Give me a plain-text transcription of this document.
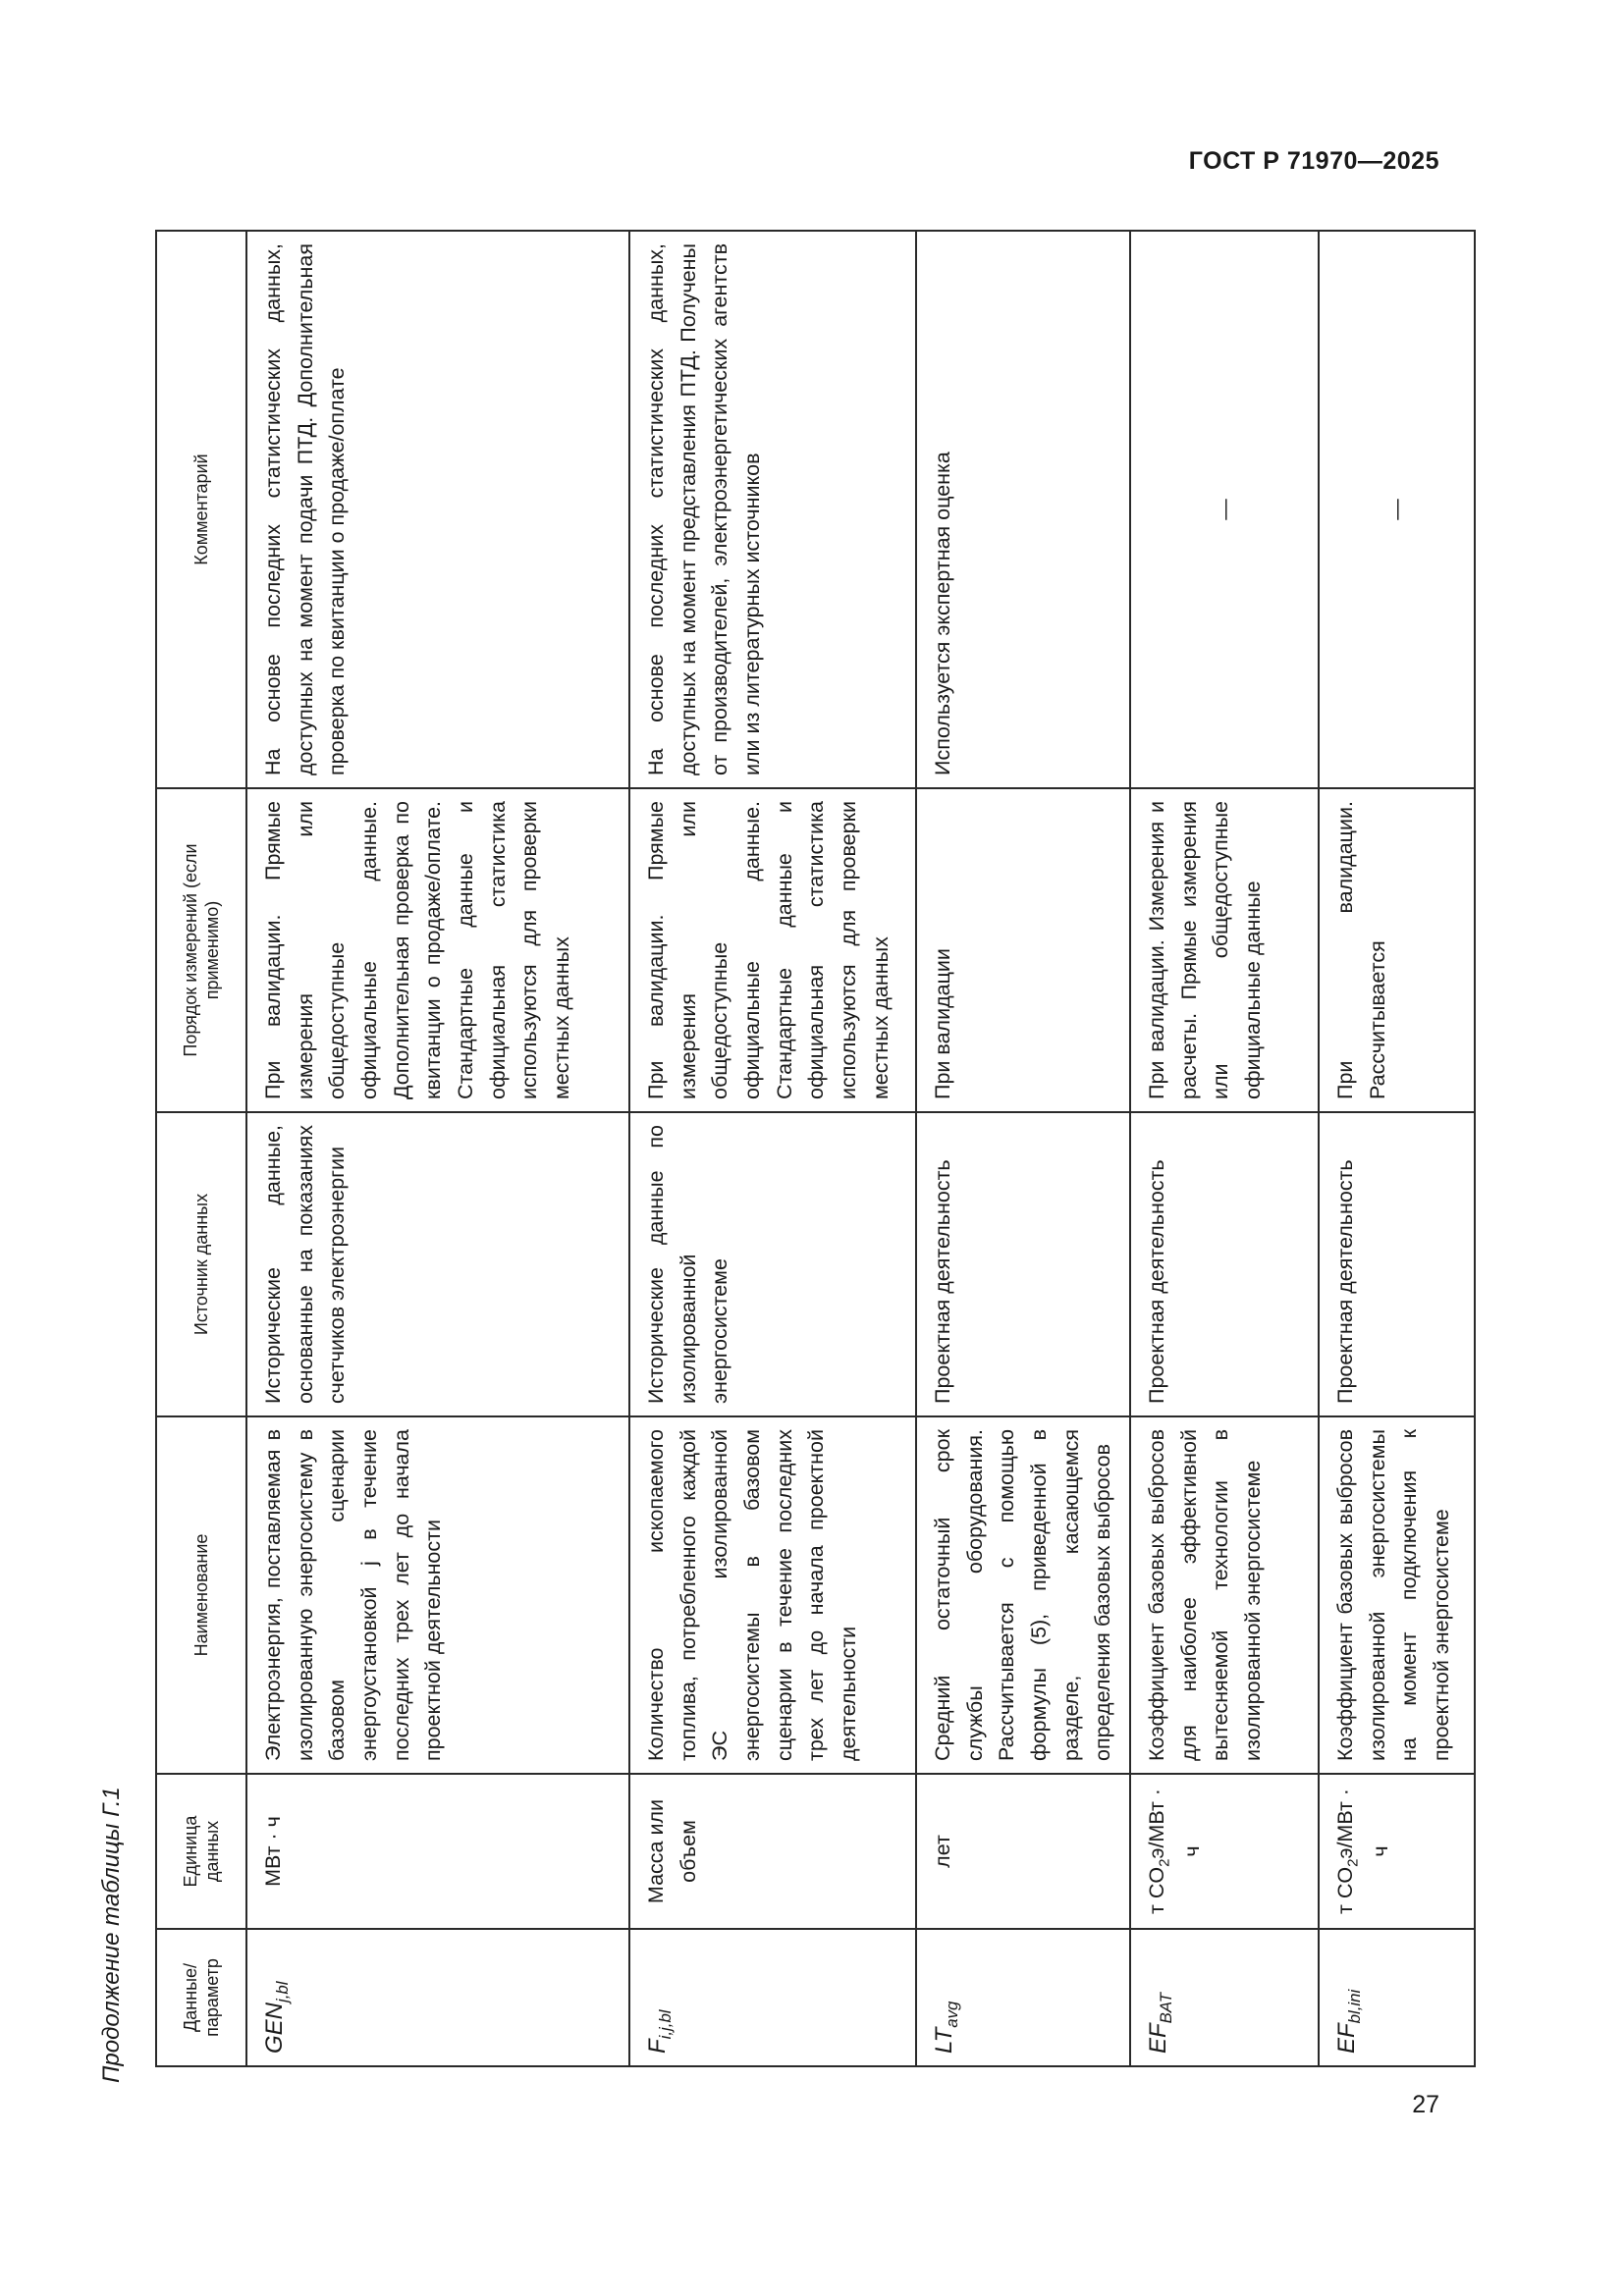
ГОСТ Р 71970—2025
Продолжение таблицы Г.1	Данные/ параметр	Единица данных	Наименование	Источник данных	Порядок измерений (если применимо)	Комментарий
$GEN_{j,bl}$	МВт · ч	Электроэнергия, поставляемая в изолированную энергосистему в базовом сценарии энергоустановкой j в течение последних трех лет до начала проектной деятельности	Исторические данные, основанные на показаниях счетчиков электроэнергии	При валидации. Прямые измерения или общедоступные официальные данные. Дополнительная проверка по квитанции о продаже/оплате. Стандартные данные и официальная статистика используются для проверки местных данных	На основе последних статистических данных, доступных на момент подачи ПТД. Дополнительная проверка по квитанции о продаже/оплате
$F_{i,j,bl}$	Масса или объем	Количество ископаемого топлива, потребленного каждой ЭС изолированной энергосистемы в базовом сценарии в течение последних трех лет до начала проектной деятельности	Исторические данные по изолированной энергосистеме	При валидации. Прямые измерения или общедоступные официальные данные. Стандартные данные и официальная статистика используются для проверки местных данных	На основе последних статистических данных, доступных на момент представления ПТД. Получены от производителей, электроэнергетических агентств или из литературных источников
$LT_{avg}$	лет	Средний остаточный срок службы оборудования. Рассчитывается с помощью формулы (5), приведенной в разделе, касающемся определения базовых выбросов	Проектная деятельность	При валидации	Используется экспертная оценка
$EF_{BAT}$	т $CO_2э$/МВт · ч	Коэффициент базовых выбросов для наиболее эффективной вытесняемой технологии в изолированной энергосистеме	Проектная деятельность	При валидации. Измерения и расчеты. Прямые измерения или общедоступные официальные данные	—
$EF_{bl,ini}$	т $CO_2э$/МВт · ч	Коэффициент базовых выбросов изолированной энергосистемы на момент подключения к проектной энергосистеме	Проектная деятельность	При валидации. Рассчитывается	—
27
